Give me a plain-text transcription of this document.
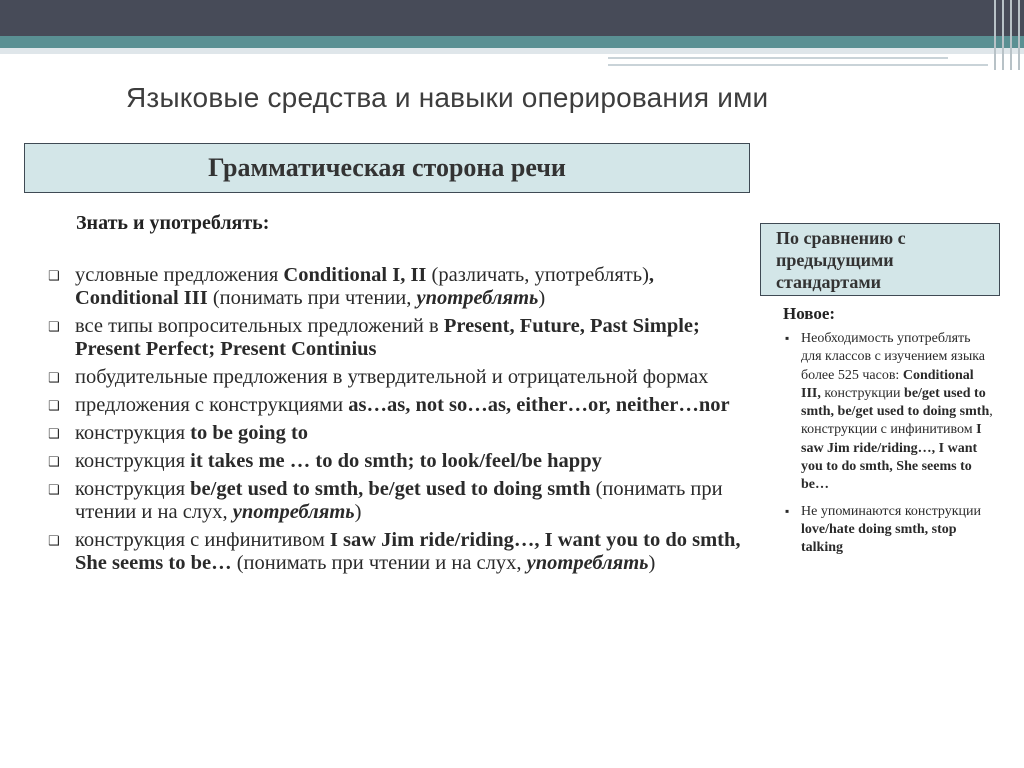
Языковые средства и навыки оперирования ими
Грамматическая сторона речи
Знать и употреблять:
❑ условные предложения Conditional I, II (различать, употреблять), Conditional III (понимать при чтении, употреблять)
❑ все типы вопросительных предложений в Present, Future, Past Simple; Present Perfect; Present Continius
❑ побудительные предложения в утвердительной и отрицательной формах
❑ предложения с конструкциями as…as, not so…as, either…or, neither…nor
❑ конструкция to be going to
❑ конструкция it takes me … to do smth; to look/feel/be happy
❑ конструкция be/get used to smth, be/get used to doing smth (понимать при чтении и на слух, употреблять)
❑ конструкция с инфинитивом I saw Jim ride/riding…, I want you to do smth, She seems to be… (понимать при чтении и на слух, употреблять)
По сравнению с предыдущими стандартами
Новое:
▪ Необходимость употреблять для классов с изучением языка более 525 часов: Conditional III, конструкции be/get used to smth, be/get used to doing smth, конструкции с инфинитивом I saw Jim ride/riding…, I want you to do smth, She seems to be…
▪ Не упоминаются конструкции love/hate doing smth, stop talking
